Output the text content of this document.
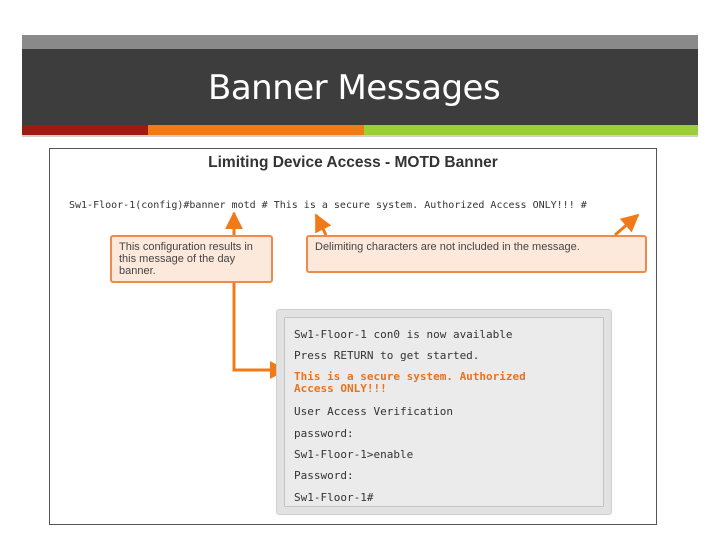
Banner Messages
Limiting Device Access - MOTD Banner
Sw1-Floor-1(config)#banner motd # This is a secure system. Authorized Access ONLY!!! #
This configuration results in this message of the day banner.
Delimiting characters are not included in the message.
Sw1-Floor-1 con0 is now available
Press RETURN to get started.
This is a secure system. Authorized
Access ONLY!!!
User Access Verification
password:
Sw1-Floor-1>enable
Password:
Sw1-Floor-1#
